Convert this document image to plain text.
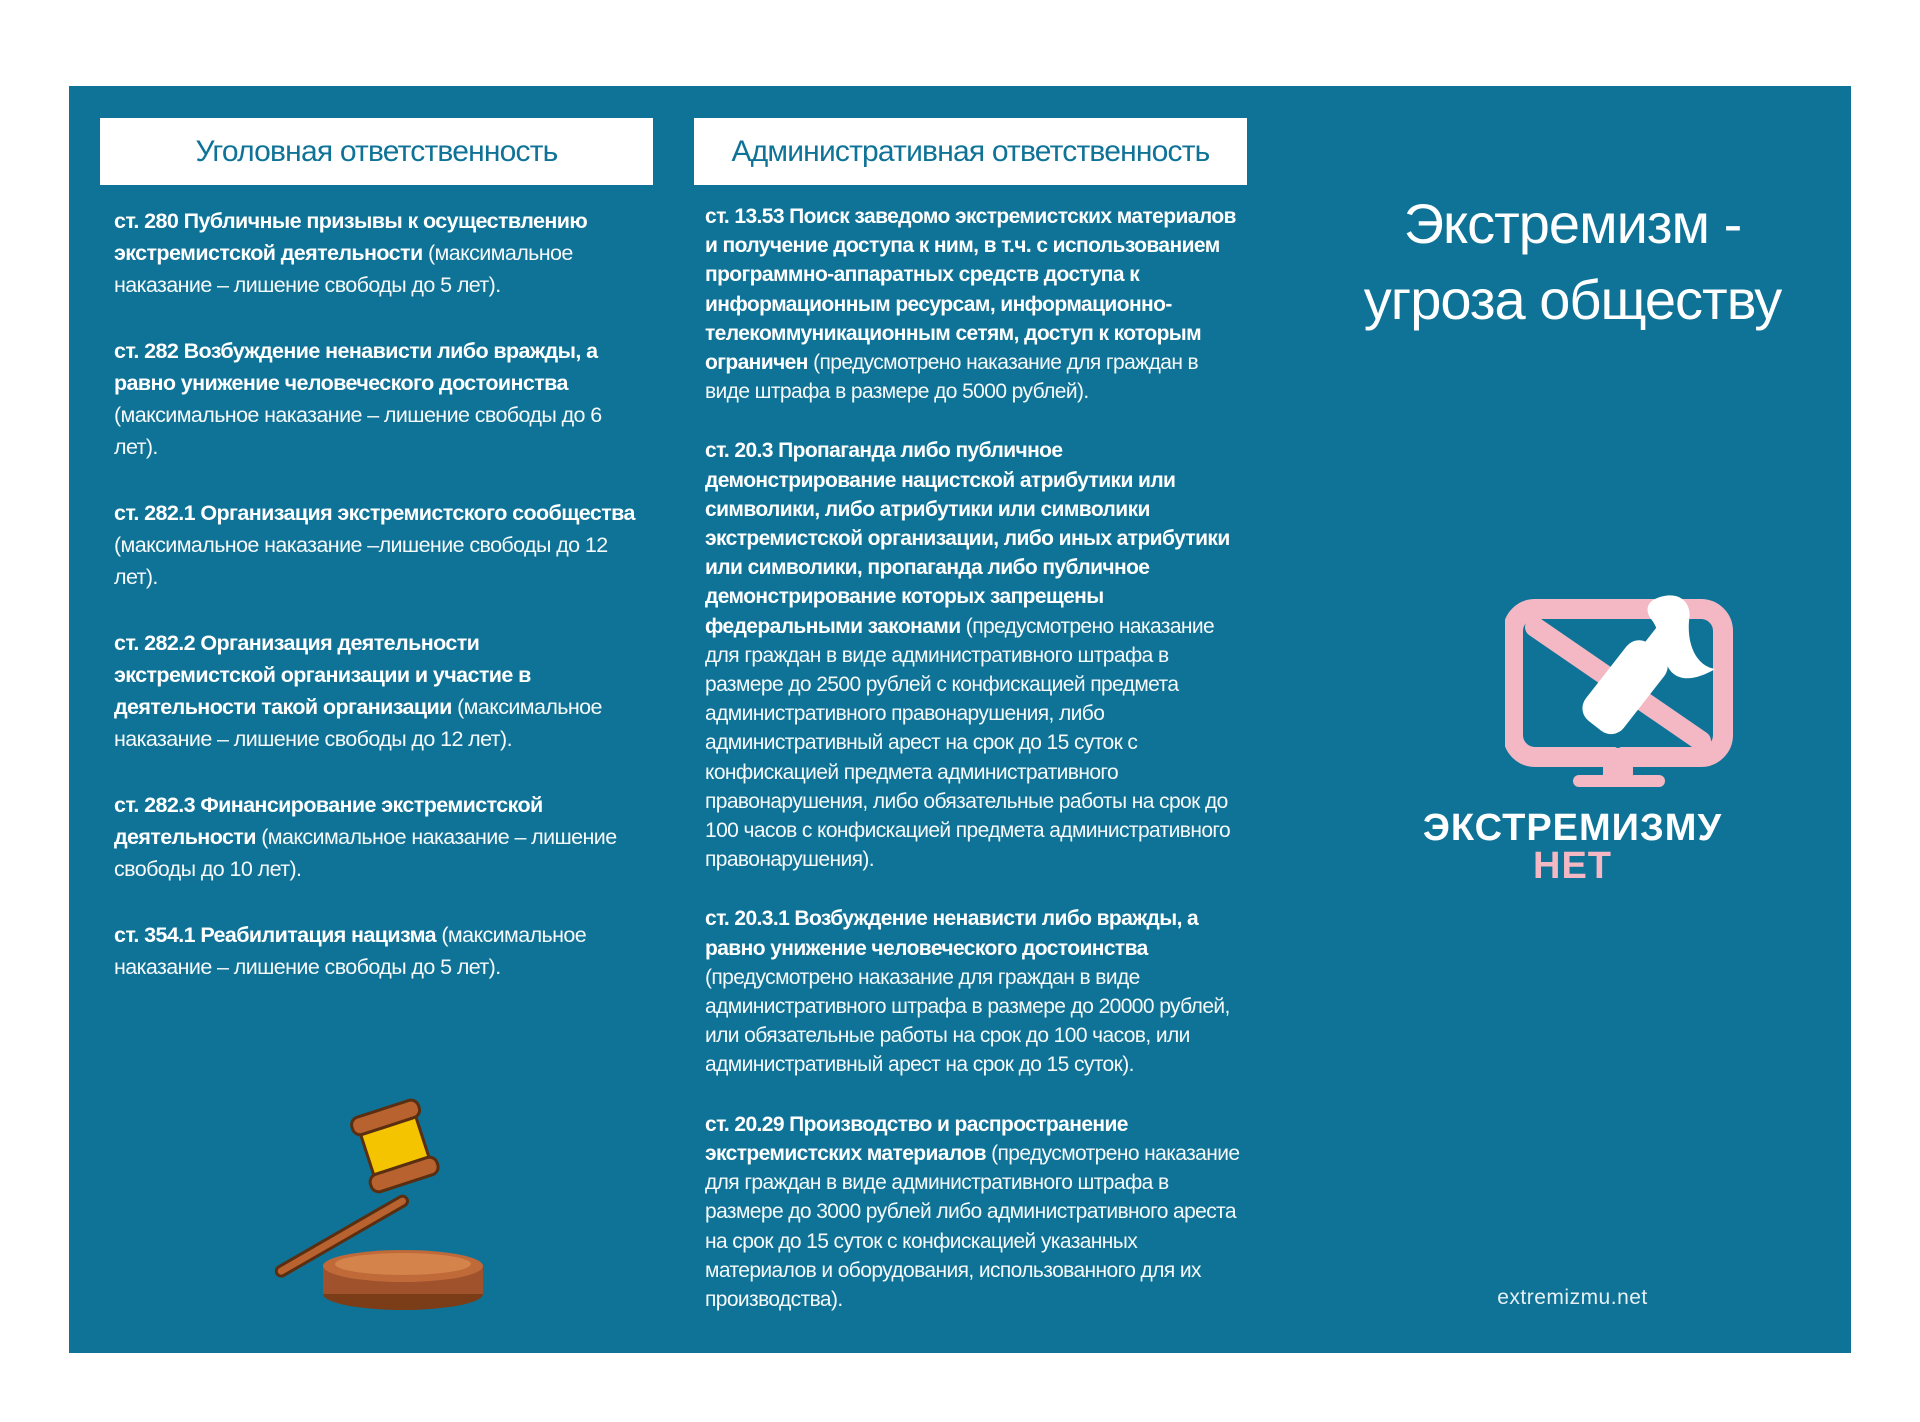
Уголовная ответственность
ст. 280 Публичные призывы к осуществлению экстремистской деятельности (максимальное наказание – лишение свободы до 5 лет).
ст. 282 Возбуждение ненависти либо вражды, а равно унижение человеческого достоинства (максимальное наказание – лишение свободы до 6 лет).
ст. 282.1 Организация экстремистского сообщества (максимальное наказание –лишение свободы до 12 лет).
ст. 282.2 Организация деятельности экстремистской организации и участие в деятельности такой организации (максимальное наказание – лишение свободы до 12 лет).
ст. 282.3 Финансирование экстремистской деятельности (максимальное наказание – лишение свободы до 10 лет).
ст. 354.1 Реабилитация нацизма (максимальное наказание – лишение свободы до 5 лет).
Административная ответственность
ст. 13.53 Поиск заведомо экстремистских материалов и получение доступа к ним, в т.ч. с использованием программно-аппаратных средств доступа к информационным ресурсам, информационно-телекоммуникационным сетям, доступ к которым ограничен (предусмотрено наказание для граждан в виде штрафа в размере до 5000 рублей).
ст. 20.3 Пропаганда либо публичное демонстрирование нацистской атрибутики или символики, либо атрибутики или символики экстремистской организации, либо иных атрибутики или символики, пропаганда либо публичное демонстрирование которых запрещены федеральными законами (предусмотрено наказание для граждан в виде административного штрафа в размере до 2500 рублей с конфискацией предмета административного правонарушения, либо административный арест на срок до 15 суток с конфискацией предмета административного правонарушения, либо обязательные работы на срок до 100 часов с конфискацией предмета административного правонарушения).
ст. 20.3.1 Возбуждение ненависти либо вражды, а равно унижение человеческого достоинства (предусмотрено наказание для граждан в виде административного штрафа в размере до 20000 рублей, или обязательные работы на срок до 100 часов, или административный арест на срок до 15 суток).
ст. 20.29 Производство и распространение экстремистских материалов (предусмотрено наказание для граждан в виде административного штрафа в размере до 3000 рублей либо административного ареста на срок до 15 суток с конфискацией указанных материалов и оборудования, использованного для их производства).
Экстремизм -
угроза обществу
ЭКСТРЕМИЗМУ
НЕТ
extremizmu.net
